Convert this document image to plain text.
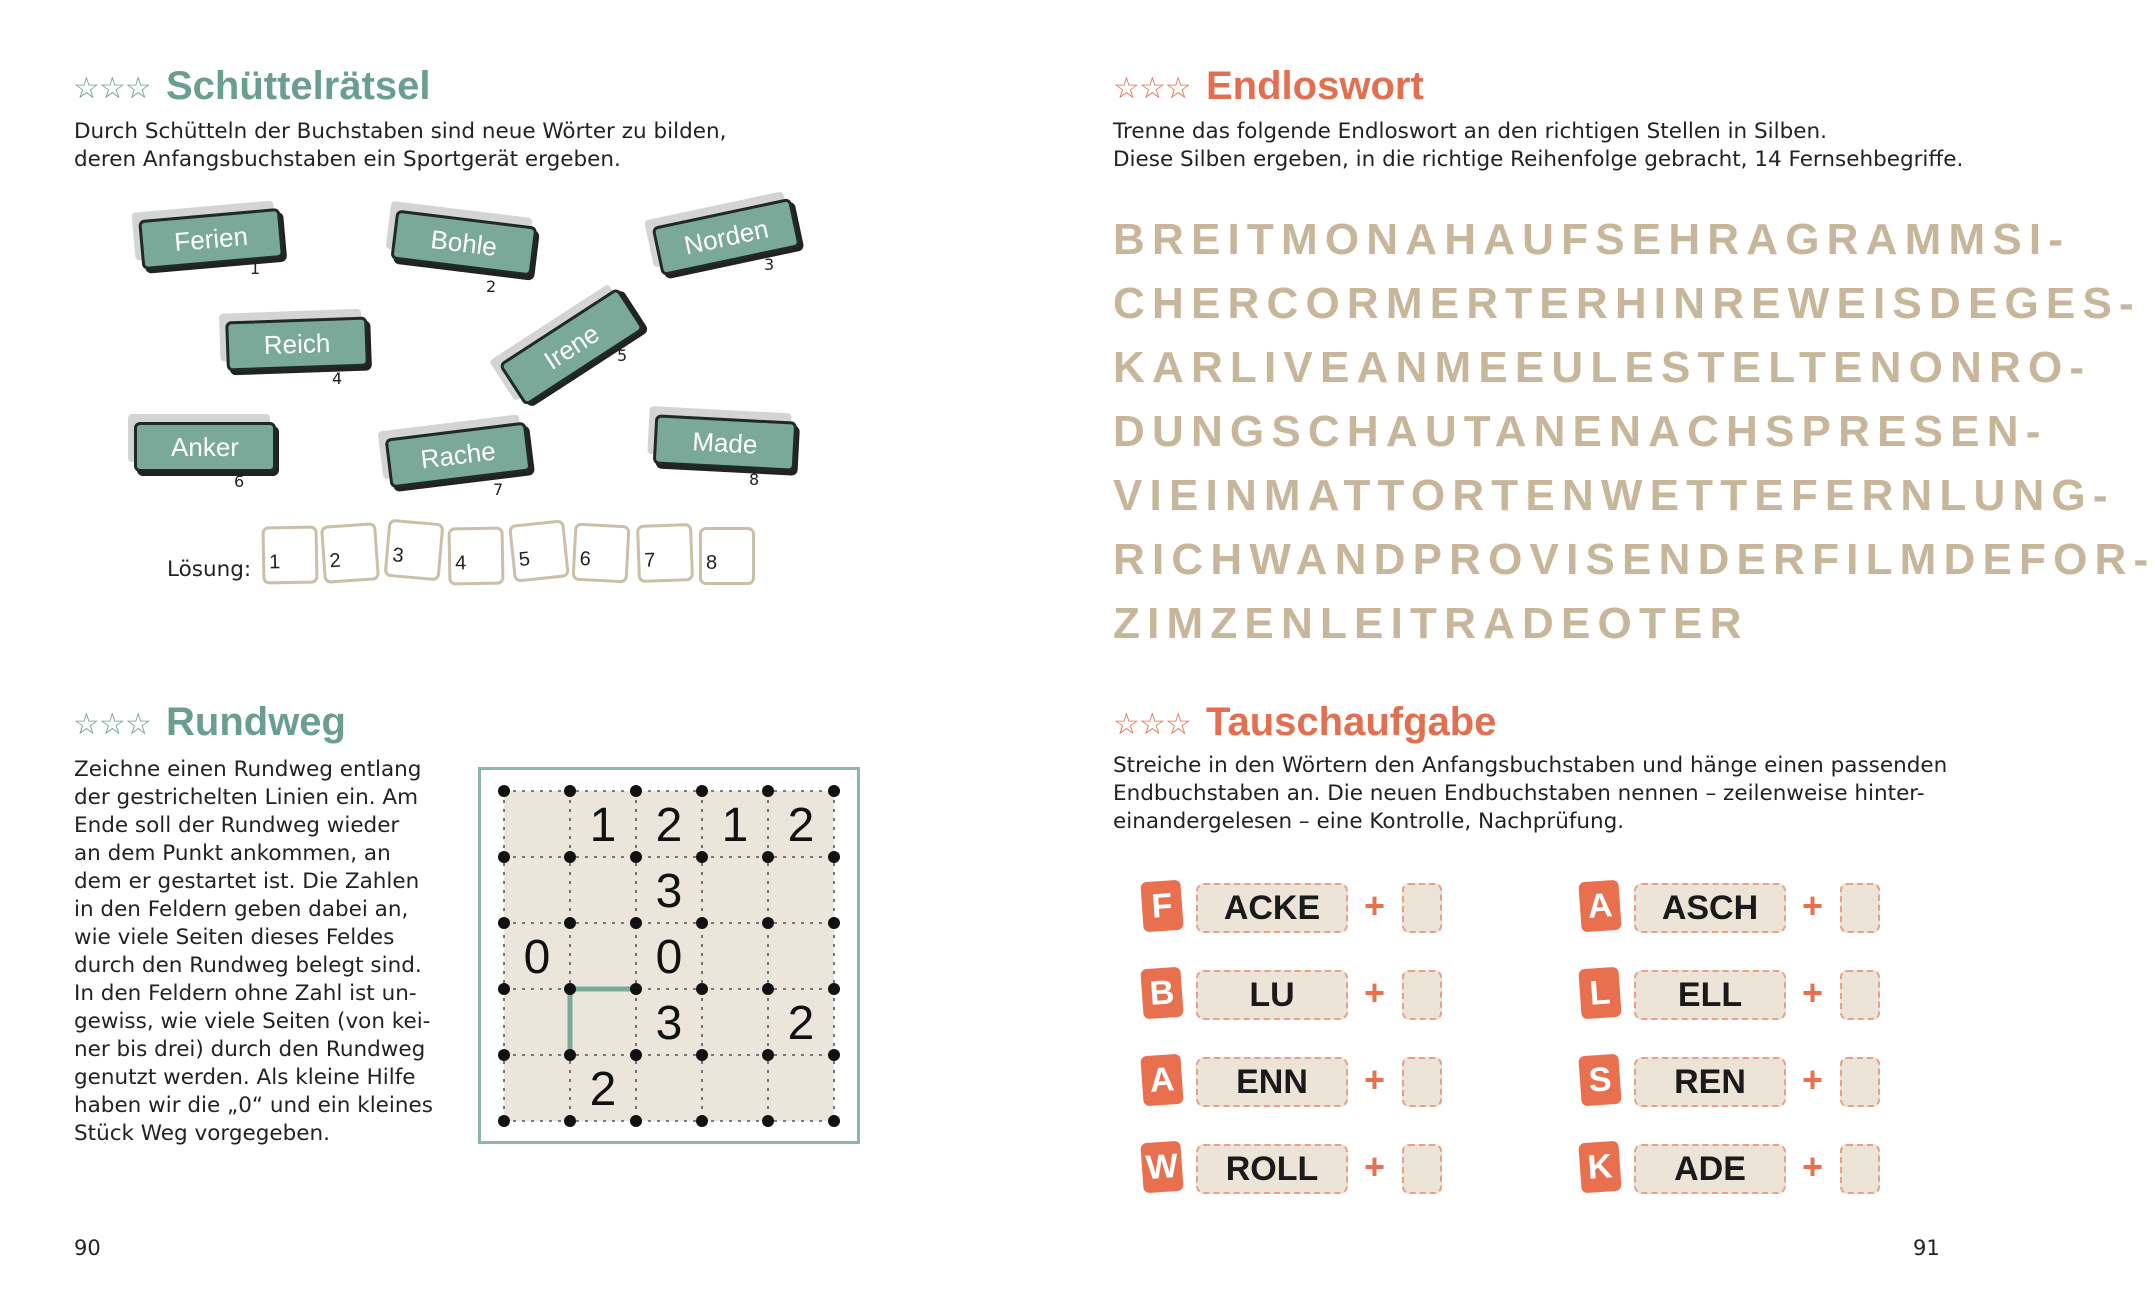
☆☆☆ Schüttelrätsel
Durch Schütteln der Buchstaben sind neue Wörter zu bilden,
deren Anfangsbuchstaben ein Sportgerät ergeben.
Ferien
1
Bohle
2
Norden
3
Reich
4
Irene 5
Anker
6
Rache
7
Made
8
Lösung: 1 2	3	4	5 6	7	8
☆☆☆ Endloswort
Trenne das folgende Endloswort an den richtigen Stellen in Silben.
Diese Silben ergeben, in die richtige Reihenfolge gebracht, 14 Fernsehbegriffe.
BREITMONAHAUFSEHRAGRAMMSI-
CHERCORMERTERHINREWEISDEGES-
KARLIVEANMEEULESTELTENONRO-
DUNGSCHAUTANENACHSPRESEN-
VIEINMATTORTENWETTEFERNLUNG-
RICHWANDPROVISENDERFILMDEFOR-
ZIMZENLEITRADEOTER
☆☆☆ Rundweg
Zeichne einen Rundweg entlang
der gestrichelten Linien ein. Am
Ende soll der Rundweg wieder
an dem Punkt ankommen, an
dem er gestartet ist. Die Zahlen
in den Feldern geben dabei an,
wie viele Seiten dieses Feldes
durch den Rundweg belegt sind.
In den Feldern ohne Zahl ist un-
gewiss, wie viele Seiten (von kei-
ner bis drei) durch den Rundweg
genutzt werden. Als kleine Hilfe
haben wir die „0“ und ein kleines
Stück Weg vorgegeben.
1 2 1 2
3
0 0
3 2
2
☆☆☆ Tauschaufgabe
Streiche in den Wörtern den Anfangsbuchstaben und hänge einen passenden
Endbuchstaben an. Die neuen Endbuchstaben nennen – zeilenweise hinter-
einandergelesen – eine Kontrolle, Nachprüfung.
F	ACKE	+
B	LU	+
A	ENN	+
W	ROLL	+
A	ASCH	+
L	ELL	+
S	REN	+
K	ADE	+
90	91
